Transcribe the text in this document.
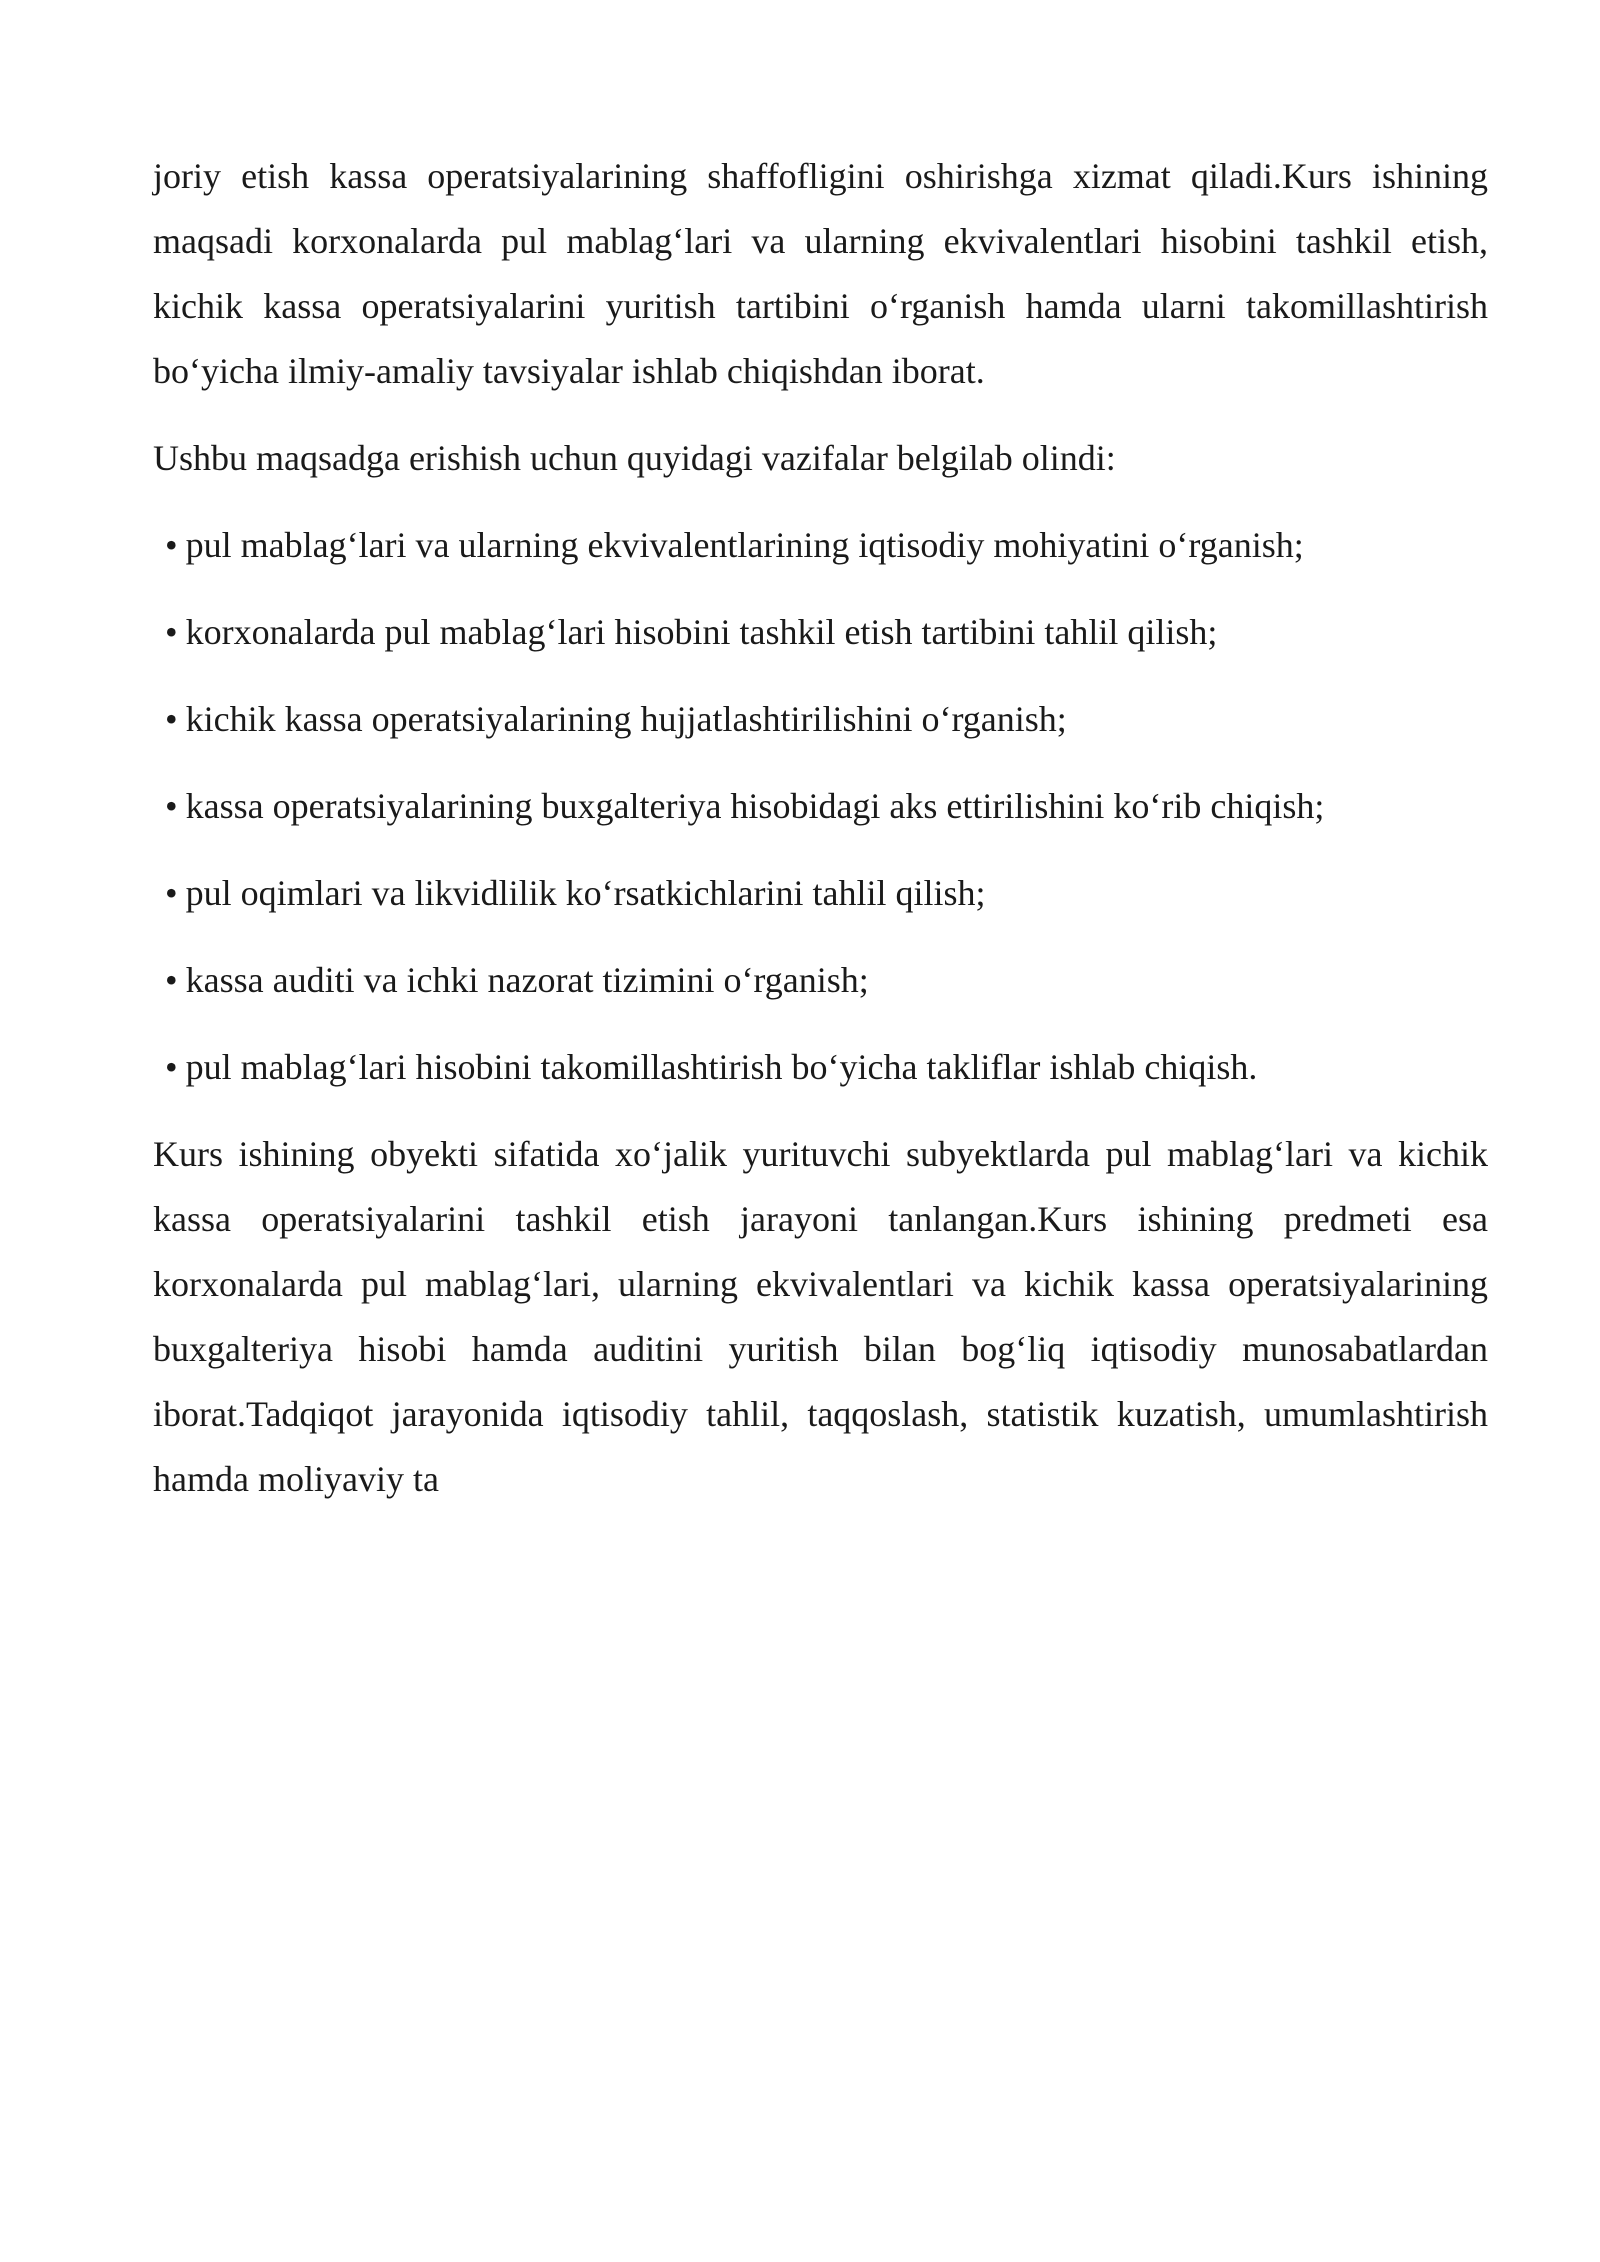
joriy etish kassa operatsiyalarining shaffofligini oshirishga xizmat qiladi.Kurs ishining maqsadi korxonalarda pul mablag‘lari va ularning ekvivalentlari hisobini tashkil etish, kichik kassa operatsiyalarini yuritish tartibini o‘rganish hamda ularni takomillashtirish bo‘yicha ilmiy-amaliy tavsiyalar ishlab chiqishdan iborat.

Ushbu maqsadga erishish uchun quyidagi vazifalar belgilab olindi:

• pul mablag‘lari va ularning ekvivalentlarining iqtisodiy mohiyatini o‘rganish;
• korxonalarda pul mablag‘lari hisobini tashkil etish tartibini tahlil qilish;
• kichik kassa operatsiyalarining hujjatlashtirilishini o‘rganish;
• kassa operatsiyalarining buxgalteriya hisobidagi aks ettirilishini ko‘rib chiqish;
• pul oqimlari va likvidlilik ko‘rsatkichlarini tahlil qilish;
• kassa auditi va ichki nazorat tizimini o‘rganish;
• pul mablag‘lari hisobini takomillashtirish bo‘yicha takliflar ishlab chiqish.

Kurs ishining obyekti sifatida xo‘jalik yurituvchi subyektlarda pul mablag‘lari va kichik kassa operatsiyalarini tashkil etish jarayoni tanlangan.Kurs ishining predmeti esa korxonalarda pul mablag‘lari, ularning ekvivalentlari va kichik kassa operatsiyalarining buxgalteriya hisobi hamda auditini yuritish bilan bog‘liq iqtisodiy munosabatlardan iborat.Tadqiqot jarayonida iqtisodiy tahlil, taqqoslash, statistik kuzatish, umumlashtirish hamda moliyaviy ta
